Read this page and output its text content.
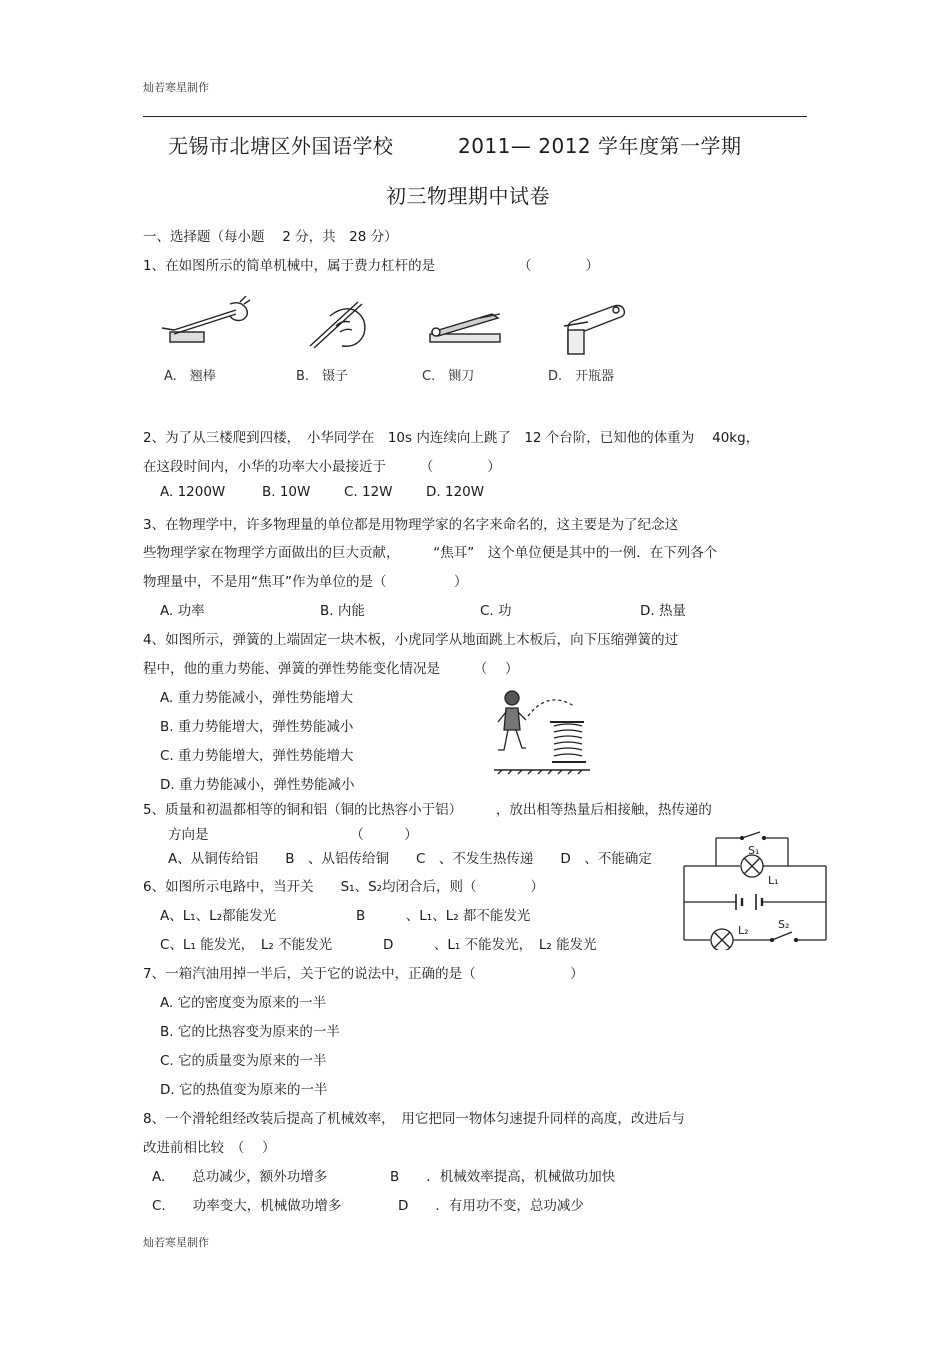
灿若寒星制作
无锡市北塘区外国语学校	2011— 2012 学年度第一学期
初三物理期中试卷
一、选择题（每小题　 2 分，共　28 分）
1、在如图所示的简单机械中，属于费力杠杆的是	（　　　　）
A.　翘棒	B.　镊子	C.　铡刀	D.　开瓶器
2、为了从三楼爬到四楼，　小华同学在　10s 内连续向上跳了　12 个台阶，已知他的体重为　 40kg，
在这段时间内，小华的功率大小最接近于　　　（　　　　）
A. 1200W	B. 10W C. 12W D. 120W
3、在物理学中，许多物理量的单位都是用物理学家的名字来命名的，这主要是为了纪念这
些物理学家在物理学方面做出的巨大贡献，　　　“焦耳”　这个单位便是其中的一例．在下列各个
物理量中，不是用“焦耳”作为单位的是（　　　　　）
A. 功率	B. 内能	C. 功	D. 热量
4、如图所示，弹簧的上端固定一块木板，小虎同学从地面跳上木板后，向下压缩弹簧的过
程中，他的重力势能、弹簧的弹性势能变化情况是　　　（　 ）
A. 重力势能减小，弹性势能增大
B. 重力势能增大，弹性势能减小
C. 重力势能增大，弹性势能增大
D. 重力势能减小，弹性势能减小
5、质量和初温都相等的铜和铝（铜的比热容小于铝）　　　，放出相等热量后相接触，热传递的
方向是　　　　　　　　　　　（　　　）
A、从铜传给铝　　B　、从铝传给铜　　C　、不发生热传递　　D　、不能确定
6、如图所示电路中，当开关　　S₁、S₂均闭合后，则（　　　　）
A、L₁、L₂都能发光	B　　　、L₁、L₂ 都不能发光
C、L₁ 能发光，　L₂ 不能发光	D　　　、L₁ 不能发光，　L₂ 能发光
S₁
L₁
L₂	S₂
7、一箱汽油用掉一半后，关于它的说法中，正确的是（　　　　　　　）
A. 它的密度变为原来的一半
B. 它的比热容变为原来的一半
C. 它的质量变为原来的一半
D. 它的热值变为原来的一半
8、一个滑轮组经改装后提高了机械效率，　用它把同一物体匀速提升同样的高度，改进后与
改进前相比较　（　 ）
A.　　总功减少，额外功增多	B　　．机械效率提高，机械做功加快
C.　　功率变大，机械做功增多	D　　．有用功不变，总功减少
灿若寒星制作
